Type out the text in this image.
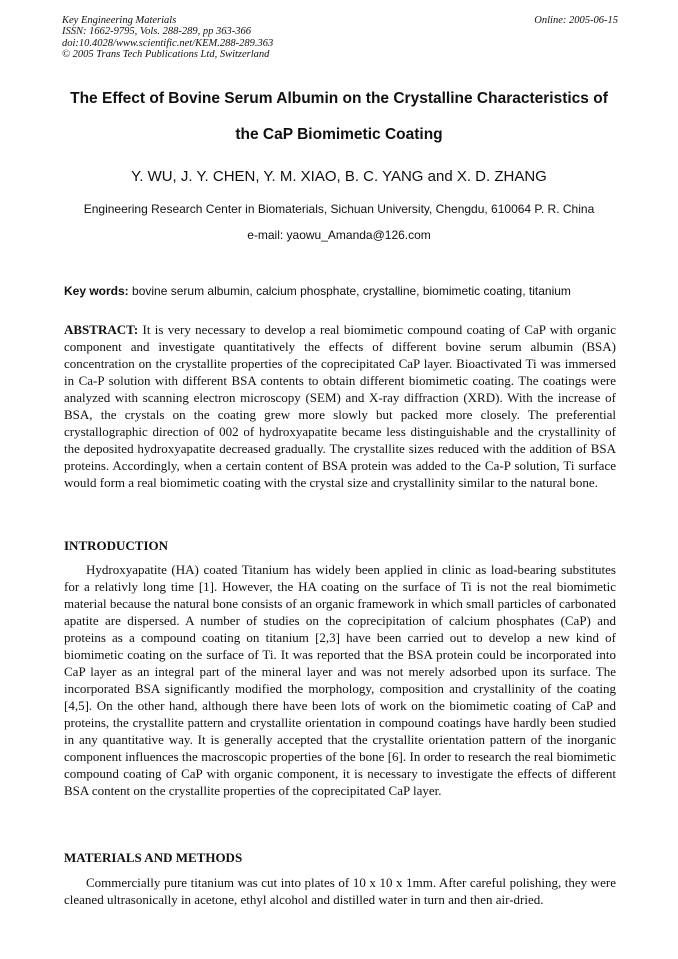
Key Engineering Materials
ISSN: 1662-9795, Vols. 288-289, pp 363-366
doi:10.4028/www.scientific.net/KEM.288-289.363
© 2005 Trans Tech Publications Ltd, Switzerland
Online: 2005-06-15
The Effect of Bovine Serum Albumin on the Crystalline Characteristics of
the CaP Biomimetic Coating
Y. WU, J. Y. CHEN, Y. M. XIAO, B. C. YANG and X. D. ZHANG
Engineering Research Center in Biomaterials, Sichuan University, Chengdu, 610064 P. R. China
e-mail: yaowu_Amanda@126.com
Key words: bovine serum albumin, calcium phosphate, crystalline, biomimetic coating, titanium
ABSTRACT: It is very necessary to develop a real biomimetic compound coating of CaP with organic component and investigate quantitatively the effects of different bovine serum albumin (BSA) concentration on the crystallite properties of the coprecipitated CaP layer. Bioactivated Ti was immersed in Ca-P solution with different BSA contents to obtain different biomimetic coating. The coatings were analyzed with scanning electron microscopy (SEM) and X-ray diffraction (XRD). With the increase of BSA, the crystals on the coating grew more slowly but packed more closely. The preferential crystallographic direction of 002 of hydroxyapatite became less distinguishable and the crystallinity of the deposited hydroxyapatite decreased gradually. The crystallite sizes reduced with the addition of BSA proteins. Accordingly, when a certain content of BSA protein was added to the Ca-P solution, Ti surface would form a real biomimetic coating with the crystal size and crystallinity similar to the natural bone.
INTRODUCTION
Hydroxyapatite (HA) coated Titanium has widely been applied in clinic as load-bearing substitutes for a relativly long time [1]. However, the HA coating on the surface of Ti is not the real biomimetic material because the natural bone consists of an organic framework in which small particles of carbonated apatite are dispersed. A number of studies on the coprecipitation of calcium phosphates (CaP) and proteins as a compound coating on titanium [2,3] have been carried out to develop a new kind of biomimetic coating on the surface of Ti. It was reported that the BSA protein could be incorporated into CaP layer as an integral part of the mineral layer and was not merely adsorbed upon its surface. The incorporated BSA significantly modified the morphology, composition and crystallinity of the coating [4,5]. On the other hand, although there have been lots of work on the biomimetic coating of CaP and proteins, the crystallite pattern and crystallite orientation in compound coatings have hardly been studied in any quantitative way. It is generally accepted that the crystallite orientation pattern of the inorganic component influences the macroscopic properties of the bone [6]. In order to research the real biomimetic compound coating of CaP with organic component, it is necessary to investigate the effects of different BSA content on the crystallite properties of the coprecipitated CaP layer.
MATERIALS AND METHODS
Commercially pure titanium was cut into plates of 10 x 10 x 1mm. After careful polishing, they were cleaned ultrasonically in acetone, ethyl alcohol and distilled water in turn and then air-dried.
